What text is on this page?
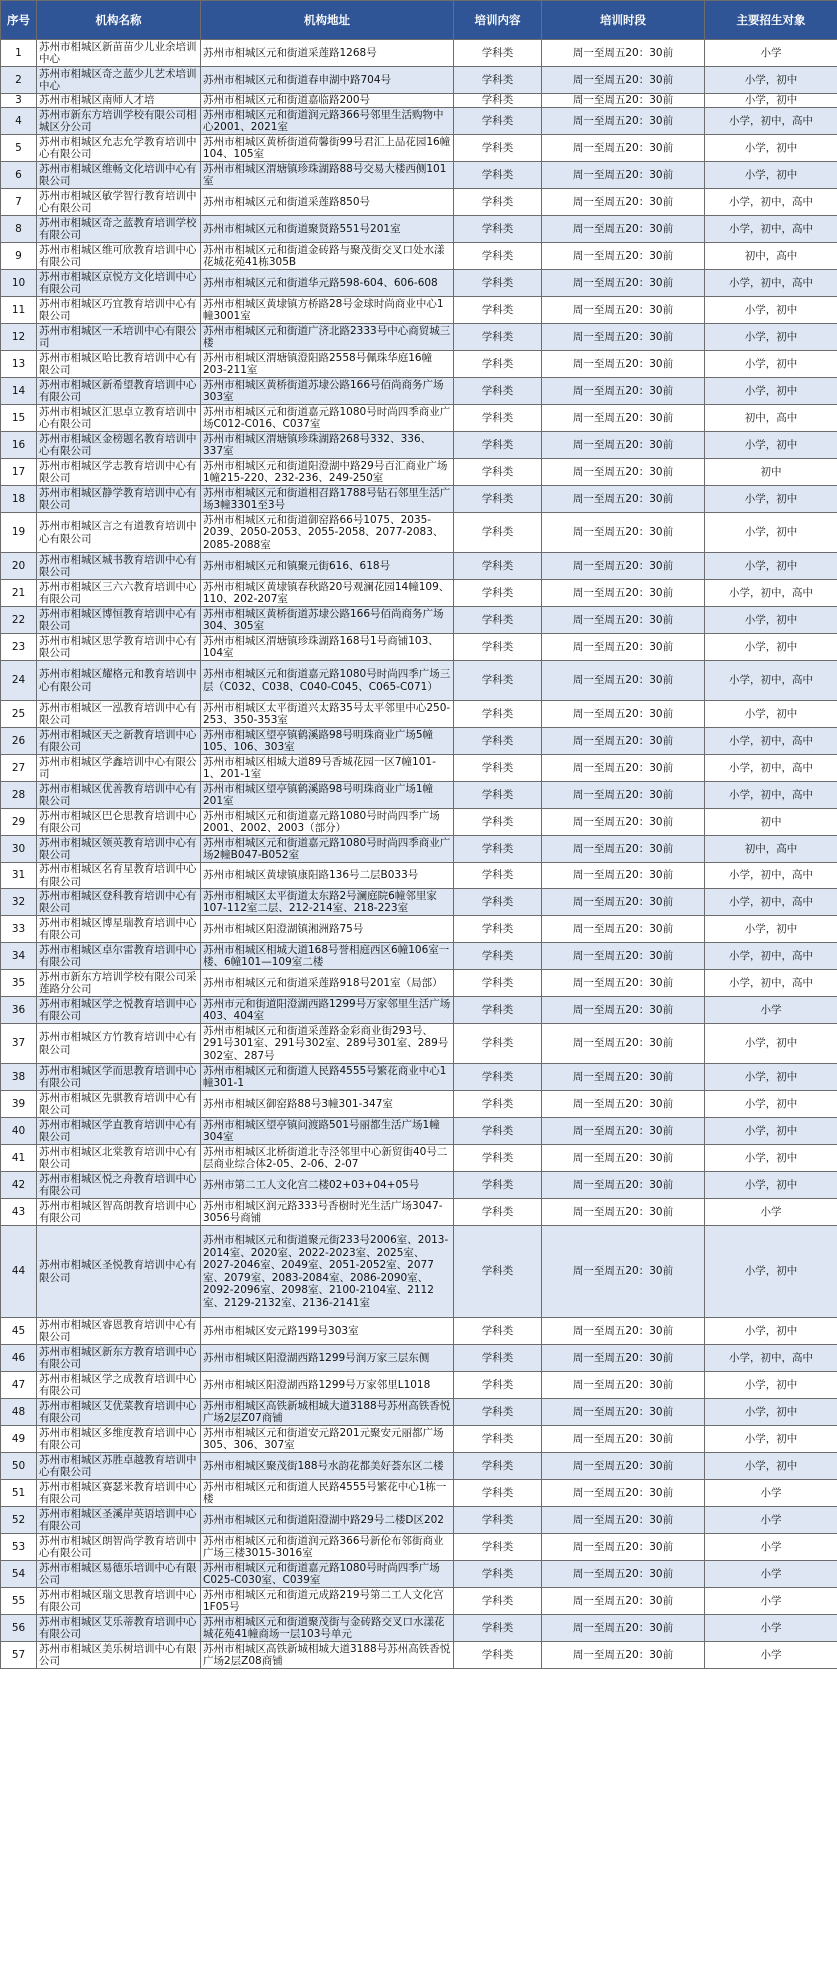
序号	机构名称	机构地址	培训内容	培训时段	主要招生对象
1	苏州市相城区新苗苗少儿业余培训中心	苏州市相城区元和街道采莲路1268号	学科类	周一至周五20：30前	小学
2	苏州市相城区奇之蓝少儿艺术培训中心	苏州市相城区元和街道春申湖中路704号	学科类	周一至周五20：30前	小学，初中
3	苏州市相城区南师人才培	苏州市相城区元和街道嘉临路200号	学科类	周一至周五20：30前	小学，初中
4	苏州市新东方培训学校有限公司相城区分公司	苏州市相城区元和街道润元路366号邻里生活购物中心2001、2021室	学科类	周一至周五20：30前	小学，初中，高中
5	苏州市相城区允志允学教育培训中心有限公司	苏州市相城区黄桥街道荷馨街99号君汇上品花园16幢104、105室	学科类	周一至周五20：30前	小学，初中
6	苏州市相城区维畅文化培训中心有限公司	苏州市相城区渭塘镇珍珠湖路88号交易大楼西侧101室	学科类	周一至周五20：30前	小学，初中
7	苏州市相城区敏学智行教育培训中心有限公司	苏州市相城区元和街道采莲路850号	学科类	周一至周五20：30前	小学，初中，高中
8	苏州市相城区奇之蓝教育培训学校有限公司	苏州市相城区元和街道聚贤路551号201室	学科类	周一至周五20：30前	小学，初中，高中
9	苏州市相城区维可欣教育培训中心有限公司	苏州市相城区元和街道金砖路与聚茂街交叉口处水漾花城花苑41栋305B	学科类	周一至周五20：30前	初中，高中
10	苏州市相城区京悦方文化培训中心有限公司	苏州市相城区元和街道华元路598-604、606-608	学科类	周一至周五20：30前	小学，初中，高中
11	苏州市相城区巧宜教育培训中心有限公司	苏州市相城区黄埭镇方桥路28号金球时尚商业中心1幢3001室	学科类	周一至周五20：30前	小学，初中
12	苏州市相城区一禾培训中心有限公司	苏州市相城区元和街道广济北路2333号中心商贸城三楼	学科类	周一至周五20：30前	小学，初中
13	苏州市相城区哈比教育培训中心有限公司	苏州市相城区渭塘镇澄阳路2558号佩珠华庭16幢203-211室	学科类	周一至周五20：30前	小学，初中
14	苏州市相城区新希望教育培训中心有限公司	苏州市相城区黄桥街道苏埭公路166号佰尚商务广场303室	学科类	周一至周五20：30前	小学，初中
15	苏州市相城区汇思卓立教育培训中心有限公司	苏州市相城区元和街道嘉元路1080号时尚四季商业广场C012-C016、C037室	学科类	周一至周五20：30前	初中，高中
16	苏州市相城区金榜题名教育培训中心有限公司	苏州市相城区渭塘镇珍珠湖路268号332、336、337室	学科类	周一至周五20：30前	小学，初中
17	苏州市相城区学志教育培训中心有限公司	苏州市相城区元和街道阳澄湖中路29号百汇商业广场1幢215-220、232-236、249-250室	学科类	周一至周五20：30前	初中
18	苏州市相城区静学教育培训中心有限公司	苏州市相城区元和街道相召路1788号钻石邻里生活广场3幢3301至3号	学科类	周一至周五20：30前	小学，初中
19	苏州市相城区言之有道教育培训中心有限公司	苏州市相城区元和街道御窑路66号1075、2035-2039、2050-2053、2055-2058、2077-2083、2085-2088室	学科类	周一至周五20：30前	小学，初中
20	苏州市相城区城书教育培训中心有限公司	苏州市相城区元和镇聚元街616、618号	学科类	周一至周五20：30前	小学，初中
21	苏州市相城区三六六教育培训中心有限公司	苏州市相城区黄埭镇春秋路20号观澜花园14幢109、110、202-207室	学科类	周一至周五20：30前	小学，初中，高中
22	苏州市相城区博恒教育培训中心有限公司	苏州市相城区黄桥街道苏埭公路166号佰尚商务广场304、305室	学科类	周一至周五20：30前	小学，初中
23	苏州市相城区思学教育培训中心有限公司	苏州市相城区渭塘镇珍珠湖路168号1号商铺103、104室	学科类	周一至周五20：30前	小学，初中
24	苏州市相城区耀格元和教育培训中心有限公司	苏州市相城区元和街道嘉元路1080号时尚四季广场三层（C032、C038、C040-C045、C065-C071）	学科类	周一至周五20：30前	小学，初中，高中
25	苏州市相城区一泓教育培训中心有限公司	苏州市相城区太平街道兴太路35号太平邻里中心250-253、350-353室	学科类	周一至周五20：30前	小学，初中
26	苏州市相城区天之新教育培训中心有限公司	苏州市相城区望亭镇鹤溪路98号明珠商业广场5幢105、106、303室	学科类	周一至周五20：30前	小学，初中，高中
27	苏州市相城区学鑫培训中心有限公司	苏州市相城区相城大道89号香城花园一区7幢101-1、201-1室	学科类	周一至周五20：30前	小学，初中，高中
28	苏州市相城区优善教育培训中心有限公司	苏州市相城区望亭镇鹤溪路98号明珠商业广场1幢201室	学科类	周一至周五20：30前	小学，初中，高中
29	苏州市相城区巴仑思教育培训中心有限公司	苏州市相城区元和街道嘉元路1080号时尚四季广场2001、2002、2003（部分）	学科类	周一至周五20：30前	初中
30	苏州市相城区领英教育培训中心有限公司	苏州市相城区元和街道嘉元路1080号时尚四季商业广场2幢B047-B052室	学科类	周一至周五20：30前	初中，高中
31	苏州市相城区名育星教育培训中心有限公司	苏州市相城区黄埭镇康阳路136号二层B033号	学科类	周一至周五20：30前	小学，初中，高中
32	苏州市相城区登科教育培训中心有限公司	苏州市相城区太平街道太东路2号澜庭院6幢邻里家107-112室二层、212-214室、218-223室	学科类	周一至周五20：30前	小学，初中，高中
33	苏州市相城区博星瑞教育培训中心有限公司	苏州市相城区阳澄湖镇湘洲路75号	学科类	周一至周五20：30前	小学，初中
34	苏州市相城区卓尔雷教育培训中心有限公司	苏州市相城区相城大道168号誉相庭西区6幢106室一楼、6幢101—109室二楼	学科类	周一至周五20：30前	小学，初中，高中
35	苏州市新东方培训学校有限公司采莲路分公司	苏州市相城区元和街道采莲路918号201室（局部）	学科类	周一至周五20：30前	小学，初中，高中
36	苏州市相城区学之悦教育培训中心有限公司	苏州市元和街道阳澄湖西路1299号万家邻里生活广场403、404室	学科类	周一至周五20：30前	小学
37	苏州市相城区方竹教育培训中心有限公司	苏州市相城区元和街道采莲路金彩商业街293号、291号301室、291号302室、289号301室、289号302室、287号	学科类	周一至周五20：30前	小学，初中
38	苏州市相城区学而思教育培训中心有限公司	苏州市相城区元和街道人民路4555号繁花商业中心1幢301-1	学科类	周一至周五20：30前	小学，初中
39	苏州市相城区先骐教育培训中心有限公司	苏州市相城区御窑路88号3幢301-347室	学科类	周一至周五20：30前	小学，初中
40	苏州市相城区学直教育培训中心有限公司	苏州市相城区望亭镇问渡路501号丽都生活广场1幢304室	学科类	周一至周五20：30前	小学，初中
41	苏州市相城区北棠教育培训中心有限公司	苏州市相城区北桥街道北寺泾邻里中心新贸街40号二层商业综合体2-05、2-06、2-07	学科类	周一至周五20：30前	小学，初中
42	苏州市相城区悦之舟教育培训中心有限公司	苏州市第二工人文化宫二楼02+03+04+05号	学科类	周一至周五20：30前	小学，初中
43	苏州市相城区智高朗教育培训中心有限公司	苏州市相城区润元路333号香樹时光生活广场3047-3056号商铺	学科类	周一至周五20：30前	小学
44	苏州市相城区圣悦教育培训中心有限公司	苏州市相城区元和街道聚元街233号2006室、2013-2014室、2020室、2022-2023室、2025室、2027-2046室、2049室、2051-2052室、2077室、2079室、2083-2084室、2086-2090室、2092-2096室、2098室、2100-2104室、2112室、2129-2132室、2136-2141室	学科类	周一至周五20：30前	小学，初中
45	苏州市相城区睿恩教育培训中心有限公司	苏州市相城区安元路199号303室	学科类	周一至周五20：30前	小学，初中
46	苏州市相城区新东方教育培训中心有限公司	苏州市相城区阳澄湖西路1299号润万家三层东侧	学科类	周一至周五20：30前	小学，初中，高中
47	苏州市相城区学之成教育培训中心有限公司	苏州市相城区阳澄湖西路1299号万家邻里L1018	学科类	周一至周五20：30前	小学，初中
48	苏州市相城区艾优菜教育培训中心有限公司	苏州市相城区高铁新城相城大道3188号苏州高铁香悦广场2层Z07商铺	学科类	周一至周五20：30前	小学，初中
49	苏州市相城区多维度教育培训中心有限公司	苏州市相城区元和街道安元路201元聚安元丽都广场305、306、307室	学科类	周一至周五20：30前	小学，初中
50	苏州市相城区苏胜卓越教育培训中心有限公司	苏州市相城区聚茂街188号水韵花都美好荟东区二楼	学科类	周一至周五20：30前	小学，初中
51	苏州市相城区赛瑟米教育培训中心有限公司	苏州市相城区元和街道人民路4555号繁花中心1栋一楼	学科类	周一至周五20：30前	小学
52	苏州市相城区圣溪岸英语培训中心有限公司	苏州市相城区元和街道阳澄湖中路29号二楼D区202	学科类	周一至周五20：30前	小学
53	苏州市相城区朗智尚学教育培训中心有限公司	苏州市相城区元和街道润元路366号新伦布邻街商业广场三楼3015-3016室	学科类	周一至周五20：30前	小学
54	苏州市相城区易德乐培训中心有限公司	苏州市相城区元和街道嘉元路1080号时尚四季广场C025-C030室、C039室	学科类	周一至周五20：30前	小学
55	苏州市相城区瑞文思教育培训中心有限公司	苏州市相城区元和街道元成路219号第二工人文化宫1F05号	学科类	周一至周五20：30前	小学
56	苏州市相城区艾乐蒂教育培训中心有限公司	苏州市相城区元和街道聚茂街与金砖路交叉口水漾花城花苑41幢商场一层103号单元	学科类	周一至周五20：30前	小学
57	苏州市相城区美乐树培训中心有限公司	苏州市相城区高铁新城相城大道3188号苏州高铁香悦广场2层Z08商铺	学科类	周一至周五20：30前	小学
